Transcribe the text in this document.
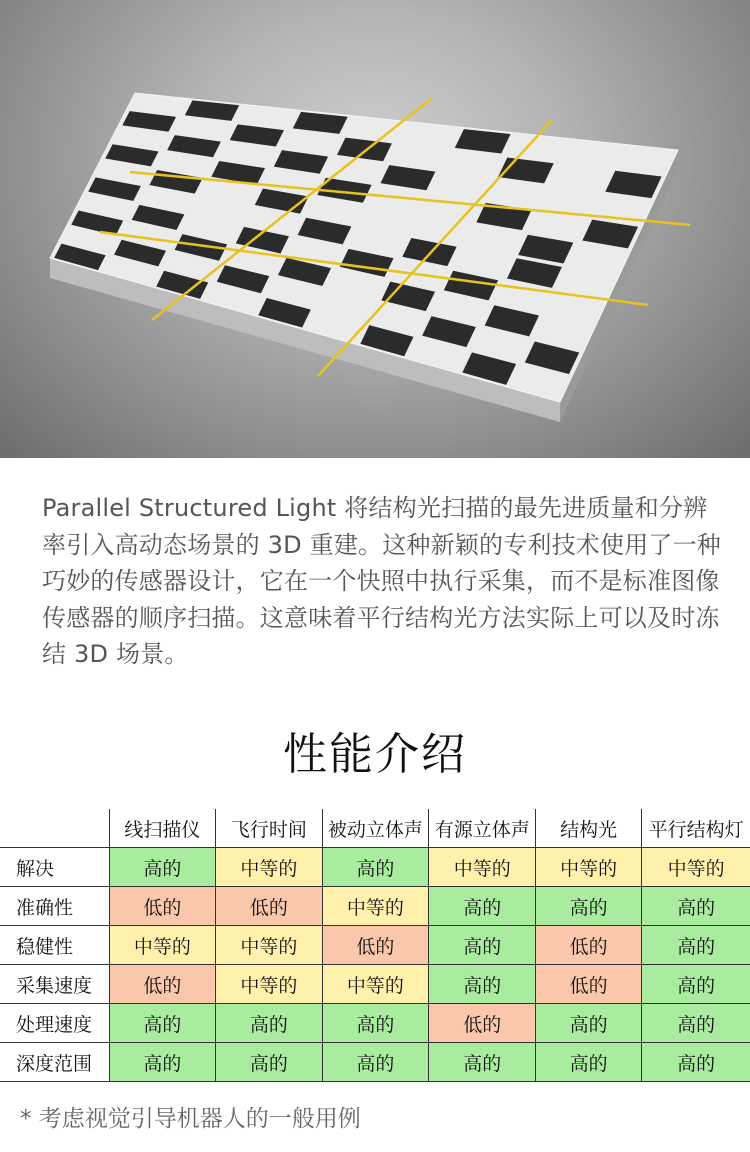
Parallel Structured Light 将结构光扫描的最先进质量和分辨率引入高动态场景的 3D 重建。这种新颖的专利技术使用了一种巧妙的传感器设计，它在一个快照中执行采集，而不是标准图像传感器的顺序扫描。这意味着平行结构光方法实际上可以及时冻结 3D 场景。
性能介绍
	线扫描仪	飞行时间	被动立体声	有源立体声	结构光	平行结构灯
解决	高的	中等的	高的	中等的	中等的	中等的
准确性	低的	低的	中等的	高的	高的	高的
稳健性	中等的	中等的	低的	高的	低的	高的
采集速度	低的	中等的	中等的	高的	低的	高的
处理速度	高的	高的	高的	低的	高的	高的
深度范围	高的	高的	高的	高的	高的	高的
* 考虑视觉引导机器人的一般用例
